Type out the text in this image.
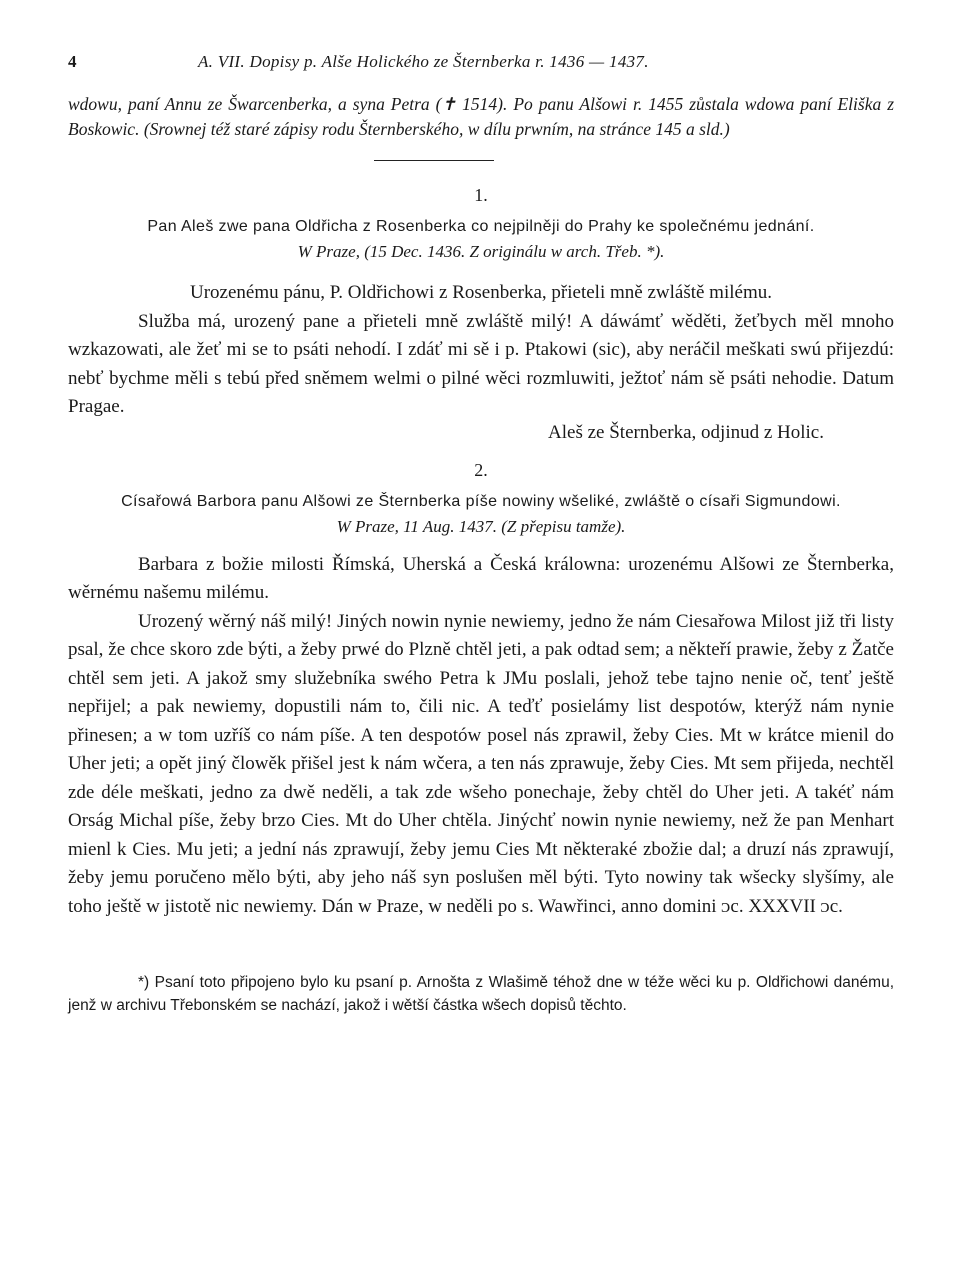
4	A. VII. Dopisy p. Alše Holického ze Šternberka r. 1436 — 1437.

wdowu, paní Annu ze Šwarcenberka, a syna Petra (✝ 1514). Po panu Alšowi r. 1455 zůstala wdowa paní Eliška z Boskowic. (Srownej též staré zápisy rodu Šternberského, w dílu prwním, na stránce 145 a sld.)

1.
Pan Aleš zwe pana Oldřicha z Rosenberka co nejpilněji do Prahy ke společnému jednání.
W Praze, (15 Dec. 1436. Z originálu w arch. Třeb. *).
Urozenému pánu, P. Oldřichowi z Rosenberka, přieteli mně zwláště milému.

Služba má, urozený pane a přieteli mně zwláště milý! A dáwámť wěděti, žeťbych měl mnoho wzkazowati, ale žeť mi se to psáti nehodí. I zdáť mi sě i p. Ptakowi (sic), aby neráčil meškati swú přijezdú: nebť bychme měli s tebú před sněmem welmi o pilné wěci rozmluwiti, ježtoť nám sě psáti nehodie. Datum Pragae.

Aleš ze Šternberka, odjinud z Holic.
2.
Císařowá Barbora panu Alšowi ze Šternberka píše nowiny wšeliké, zwláště o císaři Sigmundowi.
W Praze, 11 Aug. 1437. (Z přepisu tamže).

Barbara z božie milosti Římská, Uherská a Česká králowna: urozenému Alšowi ze Šternberka, wěrnému našemu milému.

Urozený wěrný náš milý! Jiných nowin nynie newiemy, jedno že nám Ciesařowa Milost již tři listy psal, že chce skoro zde býti, a žeby prwé do Plzně chtěl jeti, a pak odtad sem; a někteří prawie, žeby z Žatče chtěl sem jeti. A jakož smy služebníka swého Petra k JMu poslali, jehož tebe tajno nenie oč, tenť ještě nepřijel; a pak newiemy, dopustili nám to, čili nic. A teďť posielámy list despotów, kterýž nám nynie přinesen; a w tom uzříš co nám píše. A ten despotów posel nás zprawil, žeby Cies. Mt w krátce mienil do Uher jeti; a opět jiný člowěk přišel jest k nám wčera, a ten nás zprawuje, žeby Cies. Mt sem přijeda, nechtěl zde déle meškati, jedno za dwě neděli, a tak zde wšeho ponechaje, žeby chtěl do Uher jeti. A takéť nám Orság Michal píše, žeby brzo Cies. Mt do Uher chtěla. Jinýchť nowin nynie newiemy, než že pan Menhart mienl k Cies. Mu jeti; a jední nás zprawují, žeby jemu Cies Mt některaké zbožie dal; a druzí nás zprawují, žeby jemu poručeno mělo býti, aby jeho náš syn poslušen měl býti. Tyto nowiny tak wšecky slyšímy, ale toho ještě w jistotě nic newiemy. Dán w Praze, w neděli po s. Wawřinci, anno domini ᴐc. XXXVII ᴐc.

*) Psaní toto připojeno bylo ku psaní p. Arnošta z Wlašimě téhož dne w téže wěci ku p. Oldřichowi danému, jenž w archivu Třebonském se nachází, jakož i wětší částka wšech dopisů těchto.
